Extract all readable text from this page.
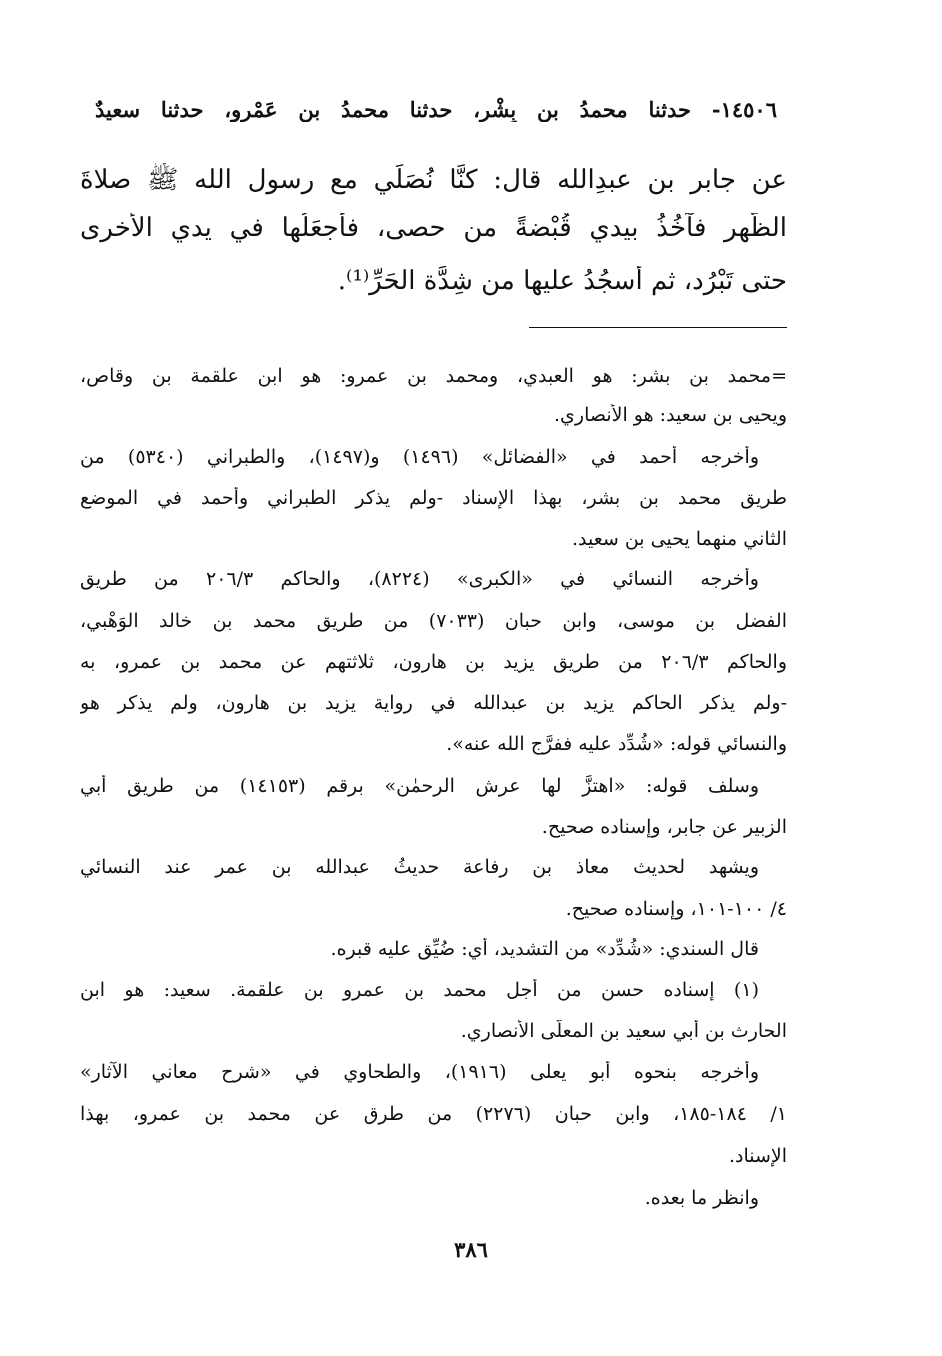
١٤٥٠٦- حدثنا محمدُ بن بِشْر، حدثنا محمدُ بن عَمْرو، حدثنا سعيدٌ
عن جابر بن عبدِالله قال: كنَّا نُصَلِّي مع رسول الله ﷺ صلاةَ
الظُّهر فآخُذُ بيدي قُبْضةً من حصى، فأَجعَلُها في يدي الأُخرى
حتى تَبْرُد، ثم أسجُدُ عليها من شِدَّة الحَرِّ⁽¹⁾.
=محمد بن بشر: هو العبدي، ومحمد بن عمرو: هو ابن علقمة بن وقاص،
ويحيى بن سعيد: هو الأنصاري.
وأخرجه أحمد في «الفضائل» (١٤٩٦) و(١٤٩٧)، والطبراني (٥٣٤٠) من
طريق محمد بن بشر، بهذا الإسناد -ولم يذكر الطبراني وأحمد في الموضع
الثاني منهما يحيى بن سعيد.
وأخرجه النسائي في «الكبرى» (٨٢٢٤)، والحاكم ٢٠٦/٣ من طريق
الفضل بن موسى، وابن حبان (٧٠٣٣) من طريق محمد بن خالد الوَهْبي،
والحاكم ٢٠٦/٣ من طريق يزيد بن هارون، ثلاثتهم عن محمد بن عمرو، به
-ولم يذكر الحاكم يزيد بن عبدالله في رواية يزيد بن هارون، ولم يذكر هو
والنسائي قوله: «شُدِّد عليه ففرَّج الله عنه».
وسلف قوله: «اهتزَّ لها عرش الرحمٰن» برقم (١٤١٥٣) من طريق أبي
الزبير عن جابر، وإسناده صحيح.
ويشهد لحديث معاذ بن رفاعة حديثُ عبدالله بن عمر عند النسائي
٤/ ١٠٠-١٠١، وإسناده صحيح.
قال السندي: «شُدِّد» من التشديد، أي: ضُيِّق عليه قبره.
(١) إسناده حسن من أجل محمد بن عمرو بن علقمة. سعيد: هو ابن
الحارث بن أبي سعيد بن المعلَّى الأنصاري.
وأخرجه بنحوه أبو يعلى (١٩١٦)، والطحاوي في «شرح معاني الآثار»
١/ ١٨٤-١٨٥، وابن حبان (٢٢٧٦) من طرق عن محمد بن عمرو، بهذا
الإسناد.
وانظر ما بعده.
٣٨٦
